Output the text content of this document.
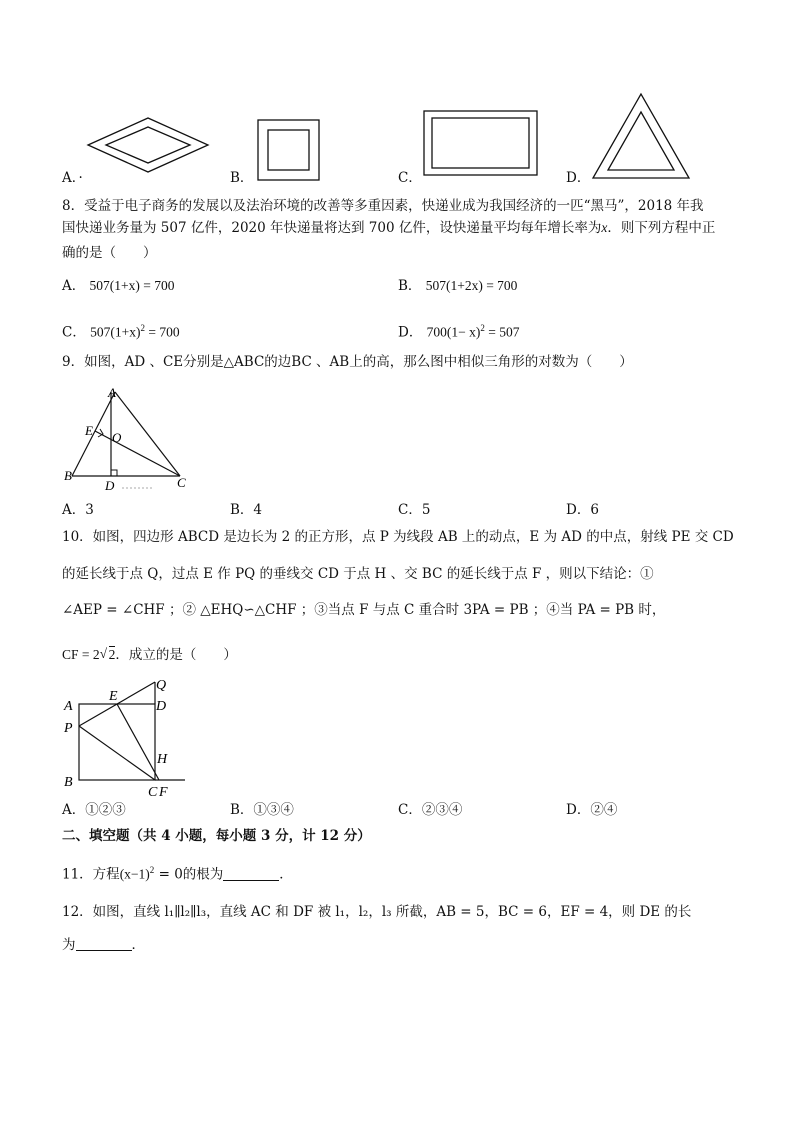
A．·	B．	C．	D．
8．受益于电子商务的发展以及法治环境的改善等多重因素，快递业成为我国经济的一匹“黑马”，2018 年我
国快递业务量为 507 亿件，2020 年快递量将达到 700 亿件，设快递量平均每年增长率为x．则下列方程中正
确的是（　　）
A． 507(1+x) = 700	B． 507(1+2x) = 700
C． $507(1+x)^2 = 700$	D． $700(1- x)^2 = 507$
9．如图，AD 、CE分别是△ABC的边BC 、AB上的高，那么图中相似三角形的对数为（　　）
A
E O
B
D	C
A．3	B．4	C．5	D．6
10．如图，四边形 ABCD 是边长为 2 的正方形，点 P 为线段 AB 上的动点，E 为 AD 的中点，射线 PE 交 CD
的延长线于点 Q，过点 E 作 PQ 的垂线交 CD 于点 H 、交 BC 的延长线于点 F ，则以下结论：①
∠AEP = ∠CHF ；② △EHQ∽△CHF ；③当点 F 与点 C 重合时 3PA = PB ；④当 PA = PB 时，
CF = 2 √ 2．成立的是（　　）
A
E
Q
D
P
H
B
C F
A．①②③	B．①③④	C．②③④	D．②④
二、填空题（共 4 小题，每小题 3 分，计 12 分）
11．方程$(x-1)^2 = 0$的根为	．
12．如图，直线 l₁∥l₂∥l₃，直线 AC 和 DF 被 l₁，l₂，l₃ 所截，AB = 5，BC = 6，EF = 4，则 DE 的长
为	．
